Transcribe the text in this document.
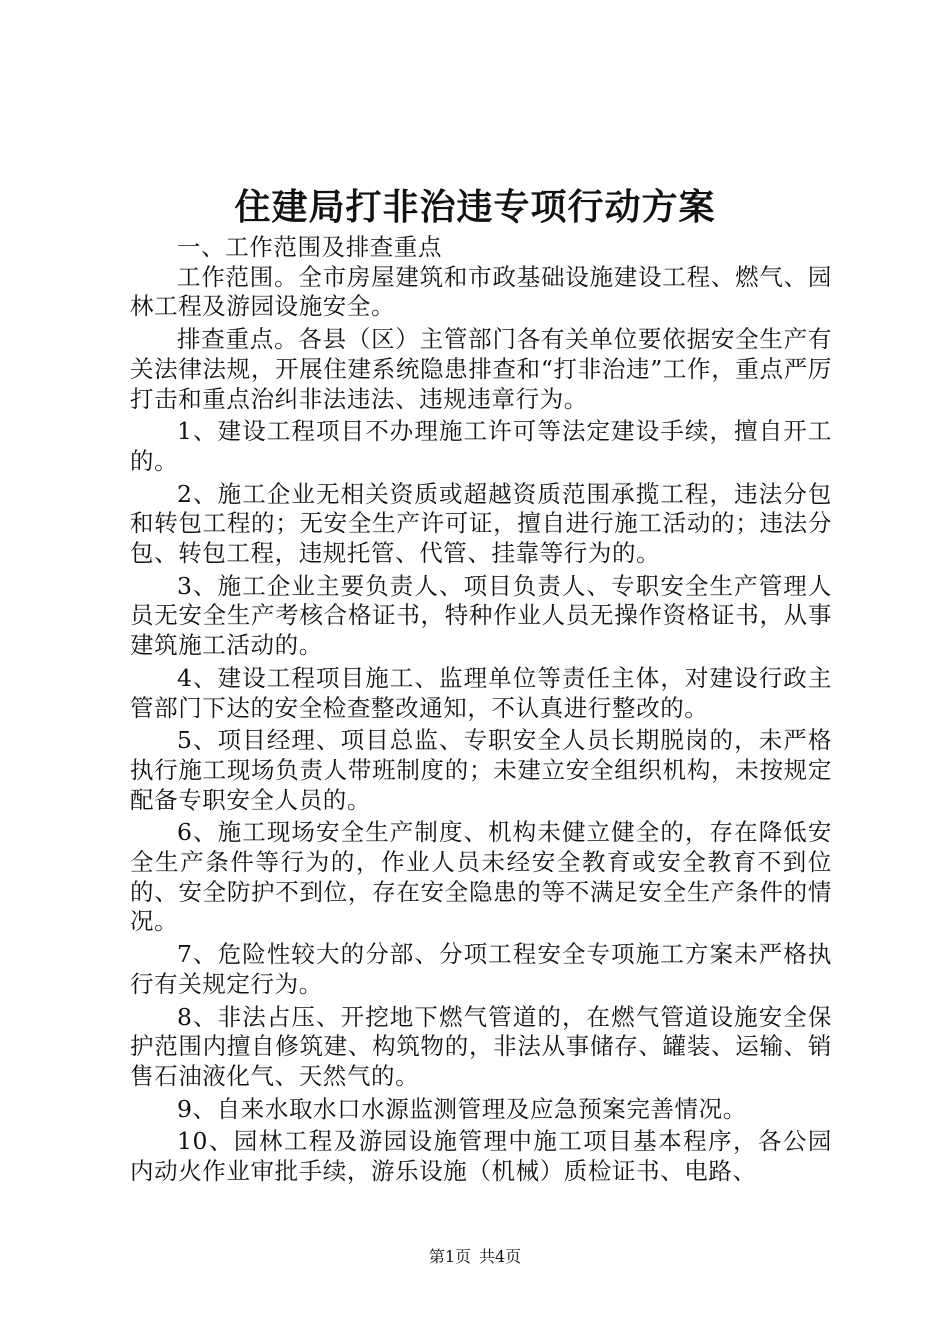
住建局打非治违专项行动方案

一、工作范围及排查重点

工作范围。全市房屋建筑和市政基础设施建设工程、燃气、园林工程及游园设施安全。

排查重点。各县（区）主管部门各有关单位要依据安全生产有关法律法规，开展住建系统隐患排查和“打非治违”工作，重点严厉打击和重点治纠非法违法、违规违章行为。

1、建设工程项目不办理施工许可等法定建设手续，擅自开工的。

2、施工企业无相关资质或超越资质范围承揽工程，违法分包和转包工程的；无安全生产许可证，擅自进行施工活动的；违法分包、转包工程，违规托管、代管、挂靠等行为的。

3、施工企业主要负责人、项目负责人、专职安全生产管理人员无安全生产考核合格证书，特种作业人员无操作资格证书，从事建筑施工活动的。

4、建设工程项目施工、监理单位等责任主体，对建设行政主管部门下达的安全检查整改通知，不认真进行整改的。

5、项目经理、项目总监、专职安全人员长期脱岗的，未严格执行施工现场负责人带班制度的；未建立安全组织机构，未按规定配备专职安全人员的。

6、施工现场安全生产制度、机构未健立健全的，存在降低安全生产条件等行为的，作业人员未经安全教育或安全教育不到位的、安全防护不到位，存在安全隐患的等不满足安全生产条件的情况。

7、危险性较大的分部、分项工程安全专项施工方案未严格执行有关规定行为。

8、非法占压、开挖地下燃气管道的，在燃气管道设施安全保护范围内擅自修筑建、构筑物的，非法从事储存、罐装、运输、销售石油液化气、天然气的。

9、自来水取水口水源监测管理及应急预案完善情况。

10、园林工程及游园设施管理中施工项目基本程序，各公园内动火作业审批手续，游乐设施（机械）质检证书、电路、

第1页 共4页
